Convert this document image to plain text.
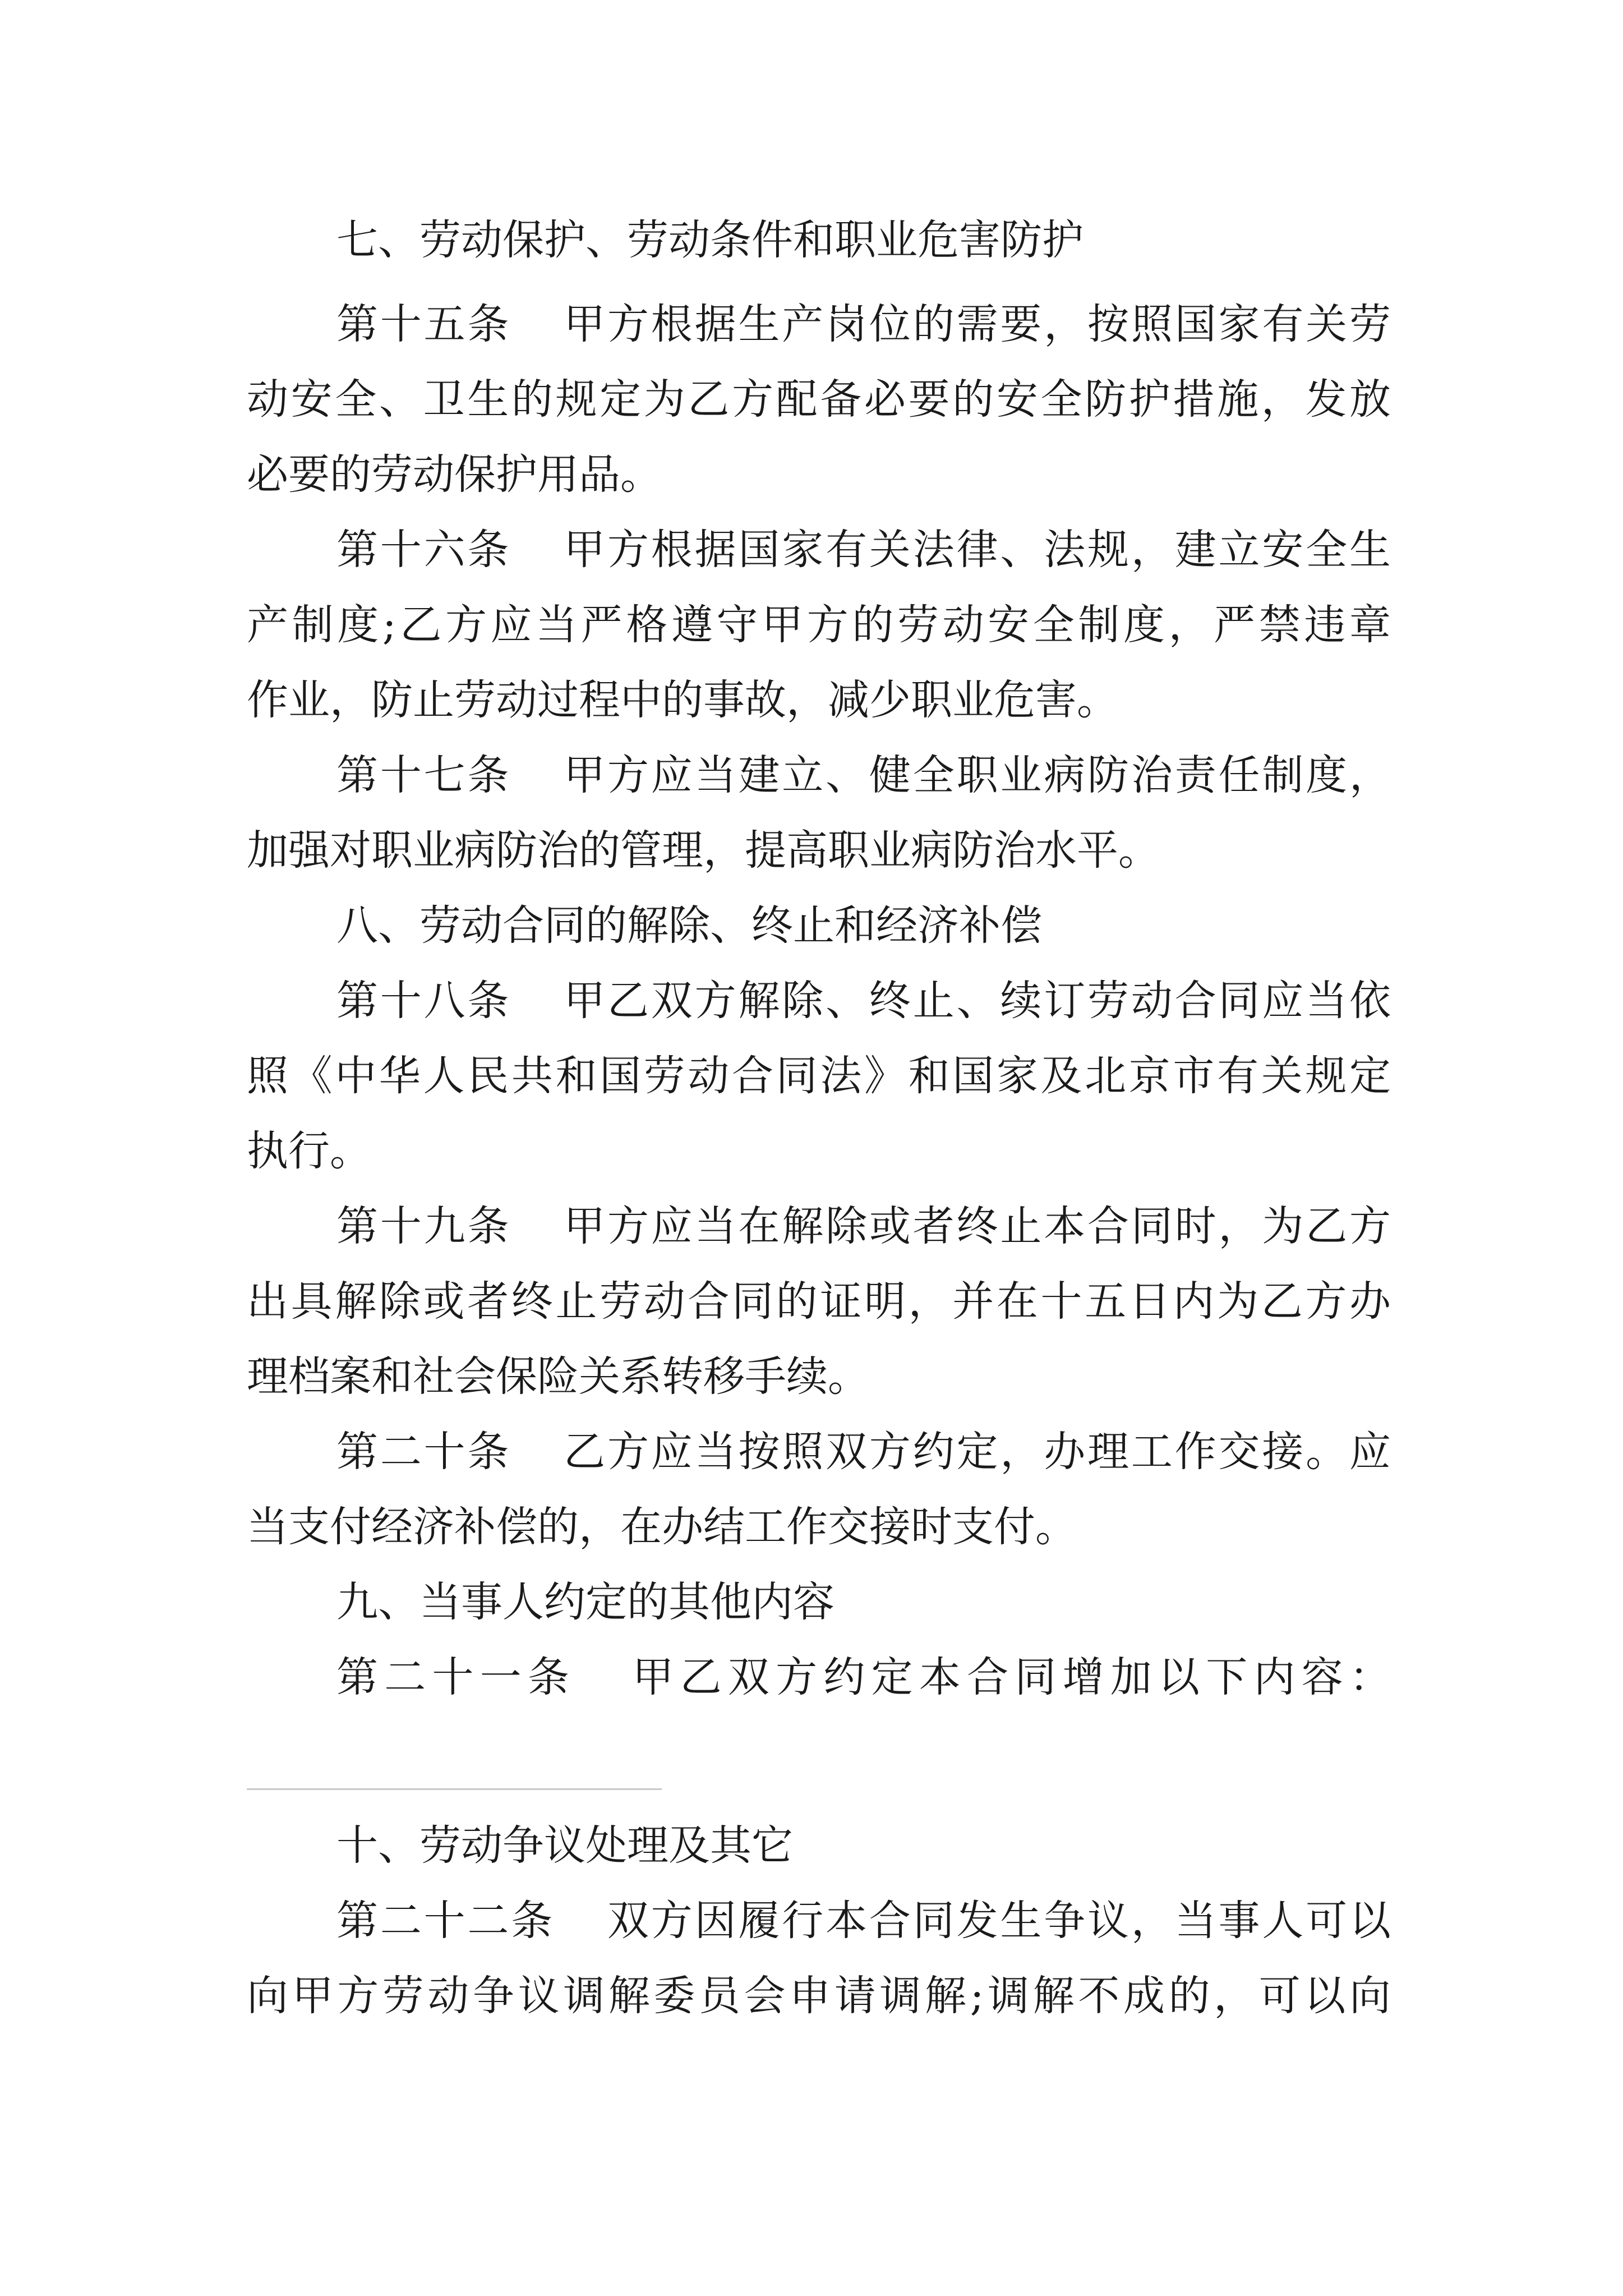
七、劳动保护、劳动条件和职业危害防护
第十五条 甲方根据生产岗位的需要，按照国家有关劳
动安全、卫生的规定为乙方配备必要的安全防护措施，发放
必要的劳动保护用品。
第十六条 甲方根据国家有关法律、法规，建立安全生
产制度;乙方应当严格遵守甲方的劳动安全制度，严禁违章
作业，防止劳动过程中的事故，减少职业危害。
第十七条 甲方应当建立、健全职业病防治责任制度，
加强对职业病防治的管理，提高职业病防治水平。
八、劳动合同的解除、终止和经济补偿
第十八条 甲乙双方解除、终止、续订劳动合同应当依
照《中华人民共和国劳动合同法》和国家及北京市有关规定
执行。
第十九条 甲方应当在解除或者终止本合同时，为乙方
出具解除或者终止劳动合同的证明，并在十五日内为乙方办
理档案和社会保险关系转移手续。
第二十条 乙方应当按照双方约定，办理工作交接。应
当支付经济补偿的，在办结工作交接时支付。
九、当事人约定的其他内容
第二十一条 甲乙双方约定本合同增加以下内容：
十、劳动争议处理及其它
第二十二条 双方因履行本合同发生争议，当事人可以
向甲方劳动争议调解委员会申请调解;调解不成的，可以向
